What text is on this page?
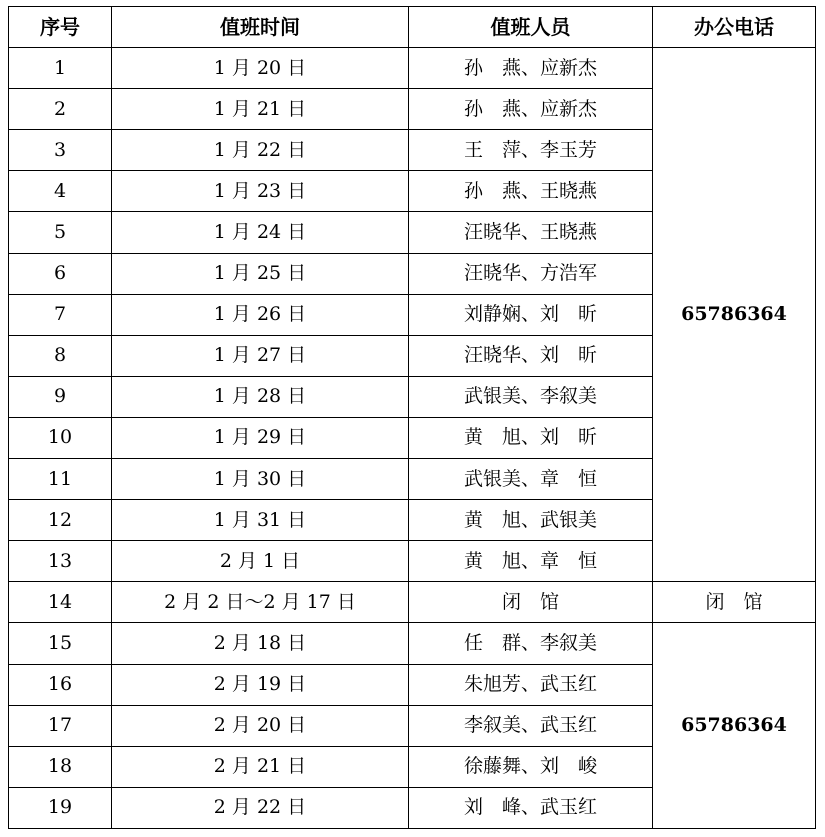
序号	值班时间	值班人员	办公电话
1	1 月 20 日	孙　燕、应新杰	65786364
2	1 月 21 日	孙　燕、应新杰	
3	1 月 22 日	王　萍、李玉芳	
4	1 月 23 日	孙　燕、王晓燕	
5	1 月 24 日	汪晓华、王晓燕	
6	1 月 25 日	汪晓华、方浩军	
7	1 月 26 日	刘静娴、刘　昕	
8	1 月 27 日	汪晓华、刘　昕	
9	1 月 28 日	武银美、李叙美	
10	1 月 29 日	黄　旭、刘　昕	
11	1 月 30 日	武银美、章　恒	
12	1 月 31 日	黄　旭、武银美	
13	2 月 1 日	黄　旭、章　恒	
14	2 月 2 日～2 月 17 日	闭　馆	闭　馆
15	2 月 18 日	任　群、李叙美	65786364
16	2 月 19 日	朱旭芳、武玉红	
17	2 月 20 日	李叙美、武玉红	
18	2 月 21 日	徐藤舞、刘　峻	
19	2 月 22 日	刘　峰、武玉红	
